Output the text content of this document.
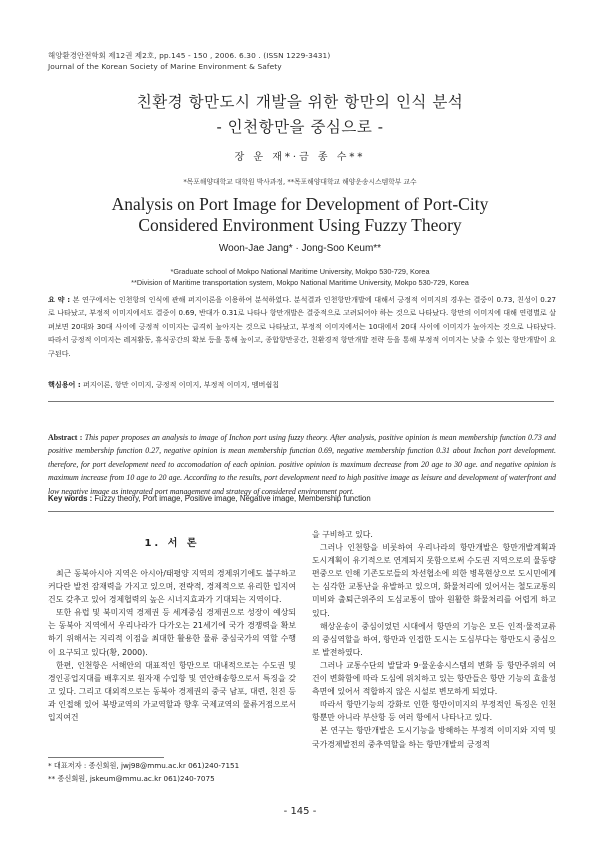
해양환경안전학회 제12권 제2호, pp.145 - 150 , 2006. 6.30 . (ISSN 1229-3431)
Journal of the Korean Society of Marine Environment & Safety
친환경 항만도시 개발을 위한 항만의 인식 분석
- 인천항만을 중심으로 -
장 운 재*·금 종 수**
*목포해양대학교 대학원 박사과정, **목포해양대학교 해양운송시스템학부 교수
Analysis on Port Image for Development of Port-City
Considered Environment Using Fuzzy Theory
Woon-Jae Jang* · Jong-Soo Keum**
*Graduate school of Mokpo National Maritime University, Mokpo 530-729, Korea
**Division of Maritime transportation system, Mokpo National Maritime University, Mokpo 530-729, Korea
요 약 : 본 연구에서는 인천항의 인식에 관해 퍼지이론을 이용하여 분석하였다. 분석결과 인천항만개발에 대해서 긍정적 이미지의 경우는 결중이 0.73, 친성이 0.27로 나타났고, 부정적 이미지에서도 결중이 0.69, 반대가 0.31로 나타나 항만개발은 결중적으로 고려되어야 하는 것으로 나타났다. 항만의 이미지에 대해 연령별로 살펴보면 20대와 30대 사이에 긍정적 이미지는 급격히 높아지는 것으로 나타났고, 부정적 이미지에서는 10대에서 20대 사이에 이미지가 높아지는 것으로 나타났다. 따라서 긍정적 이미지는 레저활동, 휴식공간의 확보 등을 통해 높이고, 종합항만공간, 친환경적 항만개발 전략 등을 통해 부정적 이미지는 낮출 수 있는 항만개발이 요구된다.
핵심용어 : 퍼지이론, 항만 이미지, 긍정적 이미지, 부정적 이미지, 멤버쉽칩
Abstract : This paper proposes an analysis to image of Inchon port using fuzzy theory. After analysis, positive opinion is mean membership function 0.73 and positive membership function 0.27, negative opinion is mean membership function 0.69, negative membership function 0.31 about Inchon port development. therefore, for port development need to accomodation of each opinion. positive opinion is maximum decrease from 20 age to 30 age. and negative opinion is maximum increase from 10 age to 20 age. According to the results, port development need to high positive image as leisure and development of waterfront and low negative image as integrated port management and strategy of considered environment port.
Key words : Fuzzy theory, Port image, Positive image, Negative image, Membership function
1. 서 론

최근 동북아시아 지역은 아시아/태평양 지역의 경제위기에도 불구하고 커다란 발전 잠재력을 가지고 있으며, 전략적, 경제적으로 유리한 입지여건도 갖추고 있어 경제협력의 높은 시너지효과가 기대되는 지역이다.

또한 유럽 및 북미지역 경제권 등 세계중심 경제권으로 성장이 예상되는 동북아 지역에서 우리나라가 다가오는 21세기에 국가 경쟁력을 확보하기 위해서는 지리적 이점을 최대한 활용한 물류 중심국가의 역할 수행이 요구되고 있다(황, 2000).

한편, 인천항은 서해안의 대표적인 항만으로 대내적으로는 수도권 및 경인공업지대를 배후지로 원자재 수입항 및 연안해송항으로서 특징을 갖고 있다. 그리고 대외적으로는 동북아 경제권의 중국 남포, 대련, 친진 등과 인접해 있어 북방교역의 가교역할과 향후 국제교역의 물류거점으로서 입지여건

* 대표저자 : 종신회원, jwj98@mmu.ac.kr 061)240-7151
** 종신회원, jskeum@mmu.ac.kr 061)240-7075

을 구비하고 있다.

그러나 인천항을 비롯하여 우리나라의 항만개발은 항만개발계획과 도시계획이 유기적으로 연계되지 못함으로써 수도권 지역으로의 물동량 편중으로 인해 기존도로들의 차선협소에 의한 병목현상으로 도시민에게는 심각한 교통난을 유발하고 있으며, 화물처리에 있어서는 철도교통의 미비와 출퇴근위주의 도심교통이 많아 원활한 화물처리를 어렵게 하고 있다.

해상운송이 중심이었던 시대에서 항만의 기능은 모든 인적·물적교류의 중심역할을 하여, 항만과 인접한 도시는 도심부다는 항만도시 중심으로 발전하였다.

그러나 교통수단의 발달과 9·물운송시스템의 변화 등 항만주위의 여건이 변화함에 따라 도심에 위치하고 있는 항만들은 항만 기능의 효율성 측면에 있어서 적합하지 않은 시설로 변모하게 되었다.

따라서 항만기능의 강화로 인한 항만이미지의 부정적인 특징은 인천항뿐만 아니라 부산항 등 여러 항에서 나타나고 있다.

본 연구는 항만개발은 도시기능을 방해하는 부정적 이미지와 지역 및 국가경제발전의 중추역할을 하는 항만개발의 긍정적

- 145 -
